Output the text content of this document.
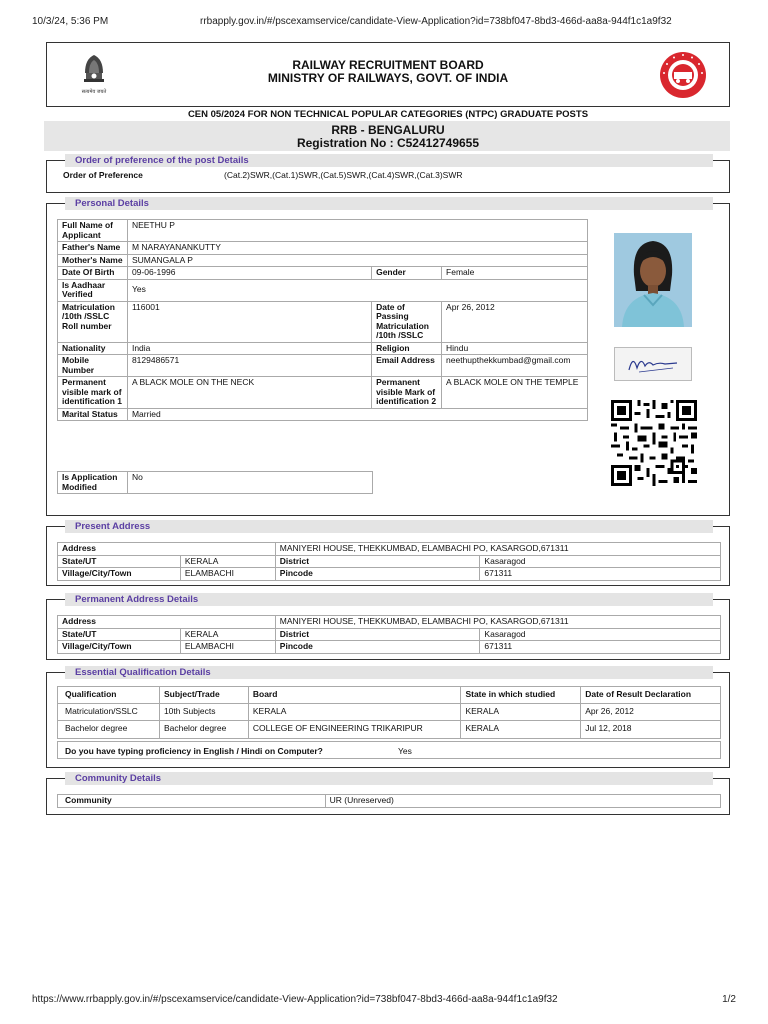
10/3/24, 5:36 PM	rrbapply.gov.in/#/pscexamservice/candidate-View-Application?id=738bf047-8bd3-466d-aa8a-944f1c1a9f32
सत्यमेव जयते
RAILWAY RECRUITMENT BOARD
MINISTRY OF RAILWAYS, GOVT. OF INDIA
CEN 05/2024 FOR NON TECHNICAL POPULAR CATEGORIES (NTPC) GRADUATE POSTS
RRB - BENGALURU
Registration No : C52412749655
Order of preference of the post Details
Order of Preference	(Cat.2)SWR,(Cat.1)SWR,(Cat.5)SWR,(Cat.4)SWR,(Cat.3)SWR
Personal Details
Full Name of Applicant	NEETHU P		
Father's Name	M NARAYANANKUTTY		
Mother's Name	SUMANGALA P		
Date Of Birth	09-06-1996	Gender	Female
Is Aadhaar Verified	Yes		
Matriculation /10th /SSLC Roll number	116001	Date of Passing Matriculation /10th /SSLC	Apr 26, 2012
Nationality	India	Religion	Hindu
Mobile Number	8129486571	Email Address	neethupthekkumbad@gmail.com
Permanent visible mark of identification 1	A BLACK MOLE ON THE NECK	Permanent visible Mark of identification 2	A BLACK MOLE ON THE TEMPLE
Marital Status	Married		
Is Application Modified	No
Present Address
Address		MANIYERI HOUSE, THEKKUMBAD, ELAMBACHI PO, KASARGOD,671311	
State/UT	KERALA	District	Kasaragod
Village/City/Town	ELAMBACHI	Pincode	671311
Permanent Address Details
Address		MANIYERI HOUSE, THEKKUMBAD, ELAMBACHI PO, KASARGOD,671311	
State/UT	KERALA	District	Kasaragod
Village/City/Town	ELAMBACHI	Pincode	671311
Essential Qualification Details
Qualification	Subject/Trade	Board	State in which studied	Date of Result Declaration
Matriculation/SSLC	10th Subjects	KERALA	KERALA	Apr 26, 2012
Bachelor degree	Bachelor degree	COLLEGE OF ENGINEERING TRIKARIPUR	KERALA	Jul 12, 2018
Do you have typing proficiency in English / Hindi on Computer?	Yes
Community Details
Community	UR (Unreserved)
https://www.rrbapply.gov.in/#/pscexamservice/candidate-View-Application?id=738bf047-8bd3-466d-aa8a-944f1c1a9f32	1/2
